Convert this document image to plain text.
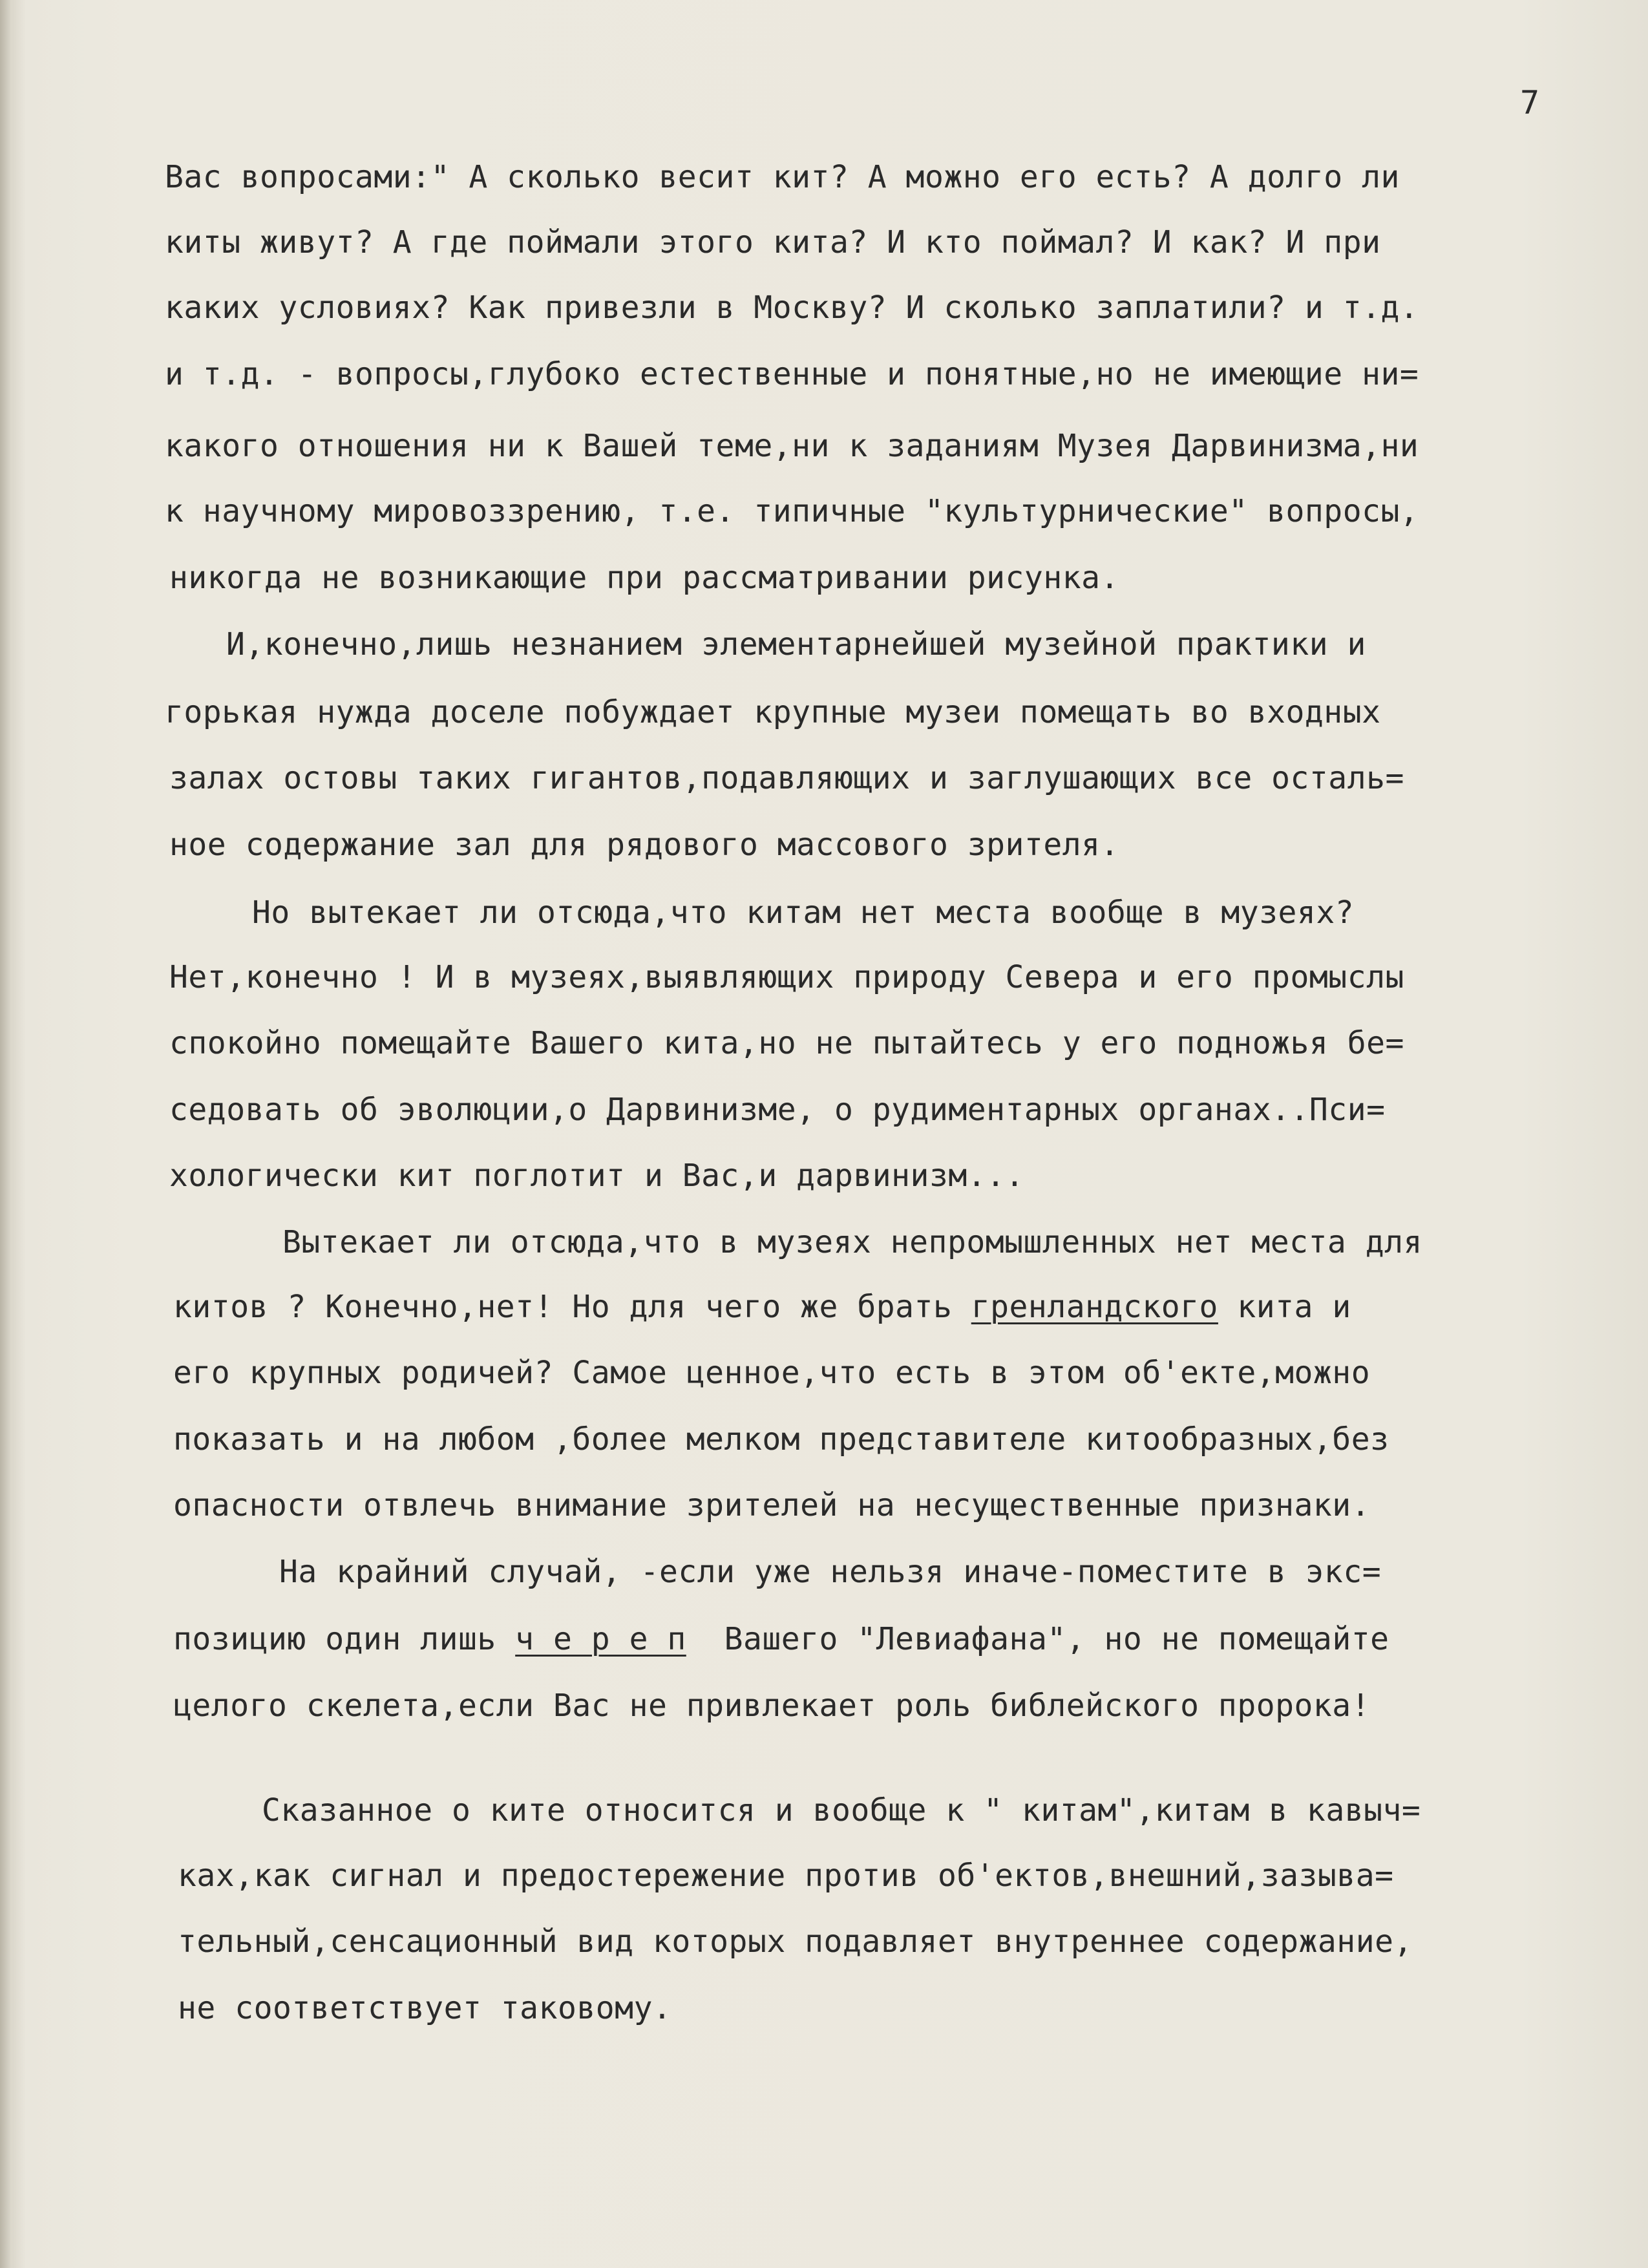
7
Вас вопросами:" А сколько весит кит? А можно его есть? А долго ли
киты живут? А где поймали этого кита? И кто поймал? И как? И при
каких условиях? Как привезли в Москву? И сколько заплатили? и т.д.
и т.д. - вопросы,глубоко естественные и понятные,но не имеющие ни=
какого отношения ни к Вашей теме,ни к заданиям Музея Дарвинизма,ни
к научному мировоззрению, т.е. типичные "культурнические" вопросы,
никогда не возникающие при рассматривании рисунка.
И,конечно,лишь незнанием элементарнейшей музейной практики и
горькая нужда доселе побуждает крупные музеи помещать во входных
залах остовы таких гигантов,подавляющих и заглушающих все осталь=
ное содержание зал для рядового массового зрителя.
Но вытекает ли отсюда,что китам нет места вообще в музеях?
Нет,конечно ! И в музеях,выявляющих природу Севера и его промыслы
спокойно помещайте Вашего кита,но не пытайтесь у его подножья бе=
седовать об эволюции,о Дарвинизме, о рудиментарных органах..Пси=
хологически кит поглотит и Вас,и дарвинизм...
Вытекает ли отсюда,что в музеях непромышленных нет места для
китов ? Конечно,нет! Но для чего же брать гренландского кита и
его крупных родичей? Самое ценное,что есть в этом об'екте,можно
показать и на любом ,более мелком представителе китообразных,без
опасности отвлечь внимание зрителей на несущественные признаки.
На крайний случай, -если уже нельзя иначе-поместите в экс=
позицию один лишь ч е р е п  Вашего "Левиафана", но не помещайте
целого скелета,если Вас не привлекает роль библейского пророка!
Сказанное о ките относится и вообще к " китам",китам в кавыч=
ках,как сигнал и предостережение против об'ектов,внешний,зазыва=
тельный,сенсационный вид которых подавляет внутреннее содержание,
не соответствует таковому.
